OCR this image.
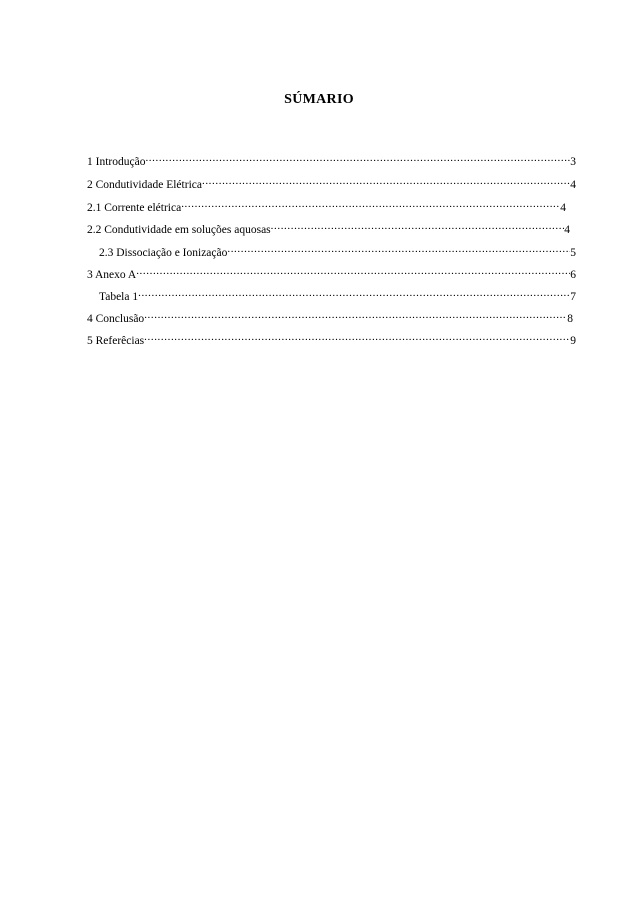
SÚMARIO
1 Introdução .....	3
2 Condutividade Elétrica .....	4
2.1 Corrente elétrica .....	4
2.2 Condutividade em soluções aquosas .....	4
2.3 Dissociação e Ionização .....	5
3 Anexo A .....	6
Tabela 1 .....	7
4 Conclusão .....	8
5 Referêcias .....	9
